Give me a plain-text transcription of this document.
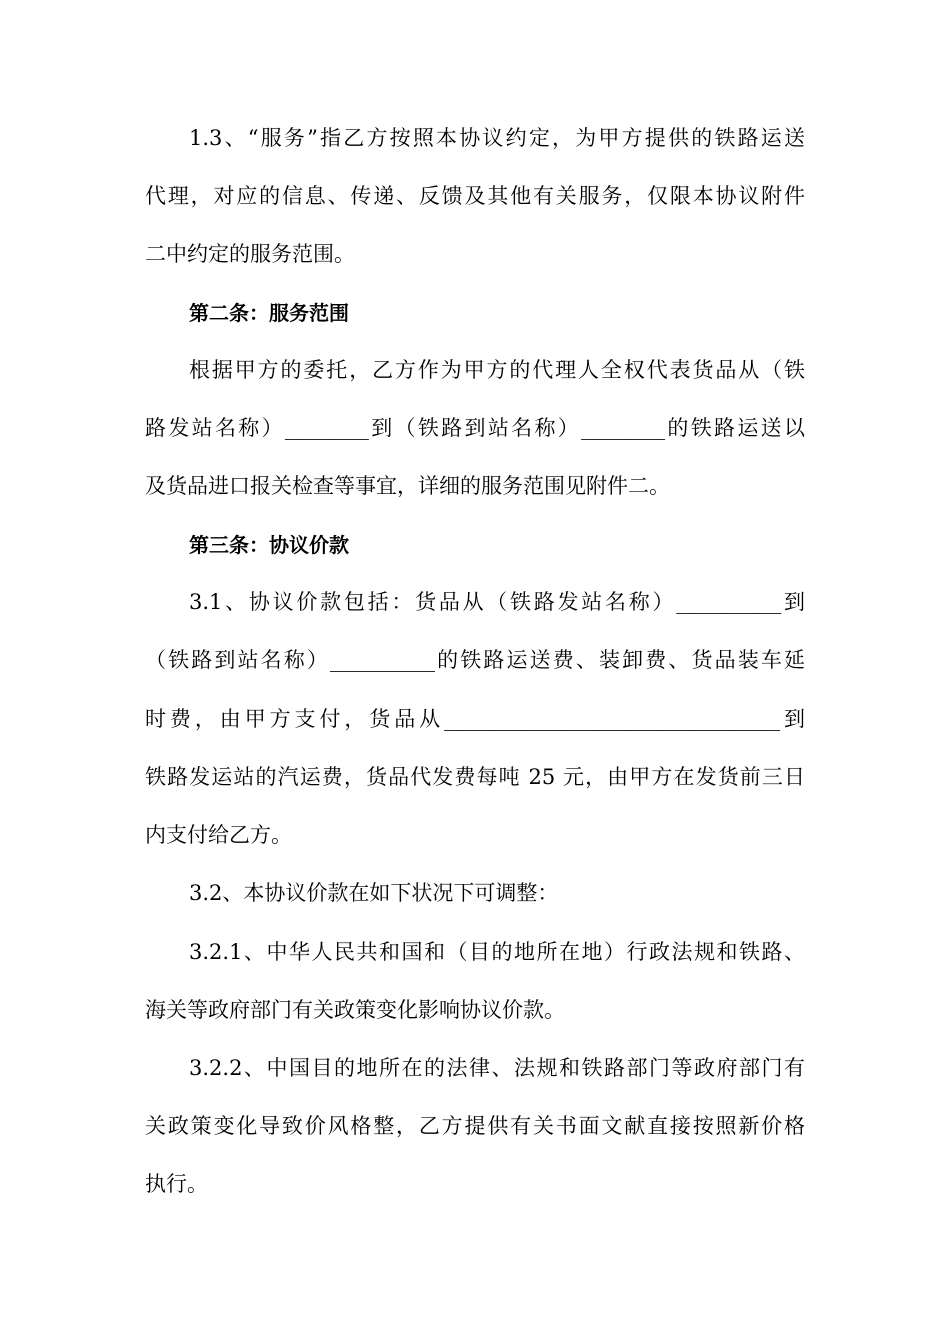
1.3、“服务”指乙方按照本协议约定，为甲方提供的铁路运送
代理，对应的信息、传递、反馈及其他有关服务，仅限本协议附件
二中约定的服务范围。
第二条：服务范围
根据甲方的委托，乙方作为甲方的代理人全权代表货品从（铁
路发站名称）________到（铁路到站名称）________的铁路运送以
及货品进口报关检查等事宜，详细的服务范围见附件二。
第三条：协议价款
3.1、协议价款包括：货品从（铁路发站名称）__________到
（铁路到站名称）__________的铁路运送费、装卸费、货品装车延
时费，由甲方支付，货品从________________________________到
铁路发运站的汽运费，货品代发费每吨 25 元，由甲方在发货前三日
内支付给乙方。
3.2、本协议价款在如下状况下可调整：
3.2.1、中华人民共和国和（目的地所在地）行政法规和铁路、
海关等政府部门有关政策变化影响协议价款。
3.2.2、中国目的地所在的法律、法规和铁路部门等政府部门有
关政策变化导致价风格整，乙方提供有关书面文献直接按照新价格
执行。
